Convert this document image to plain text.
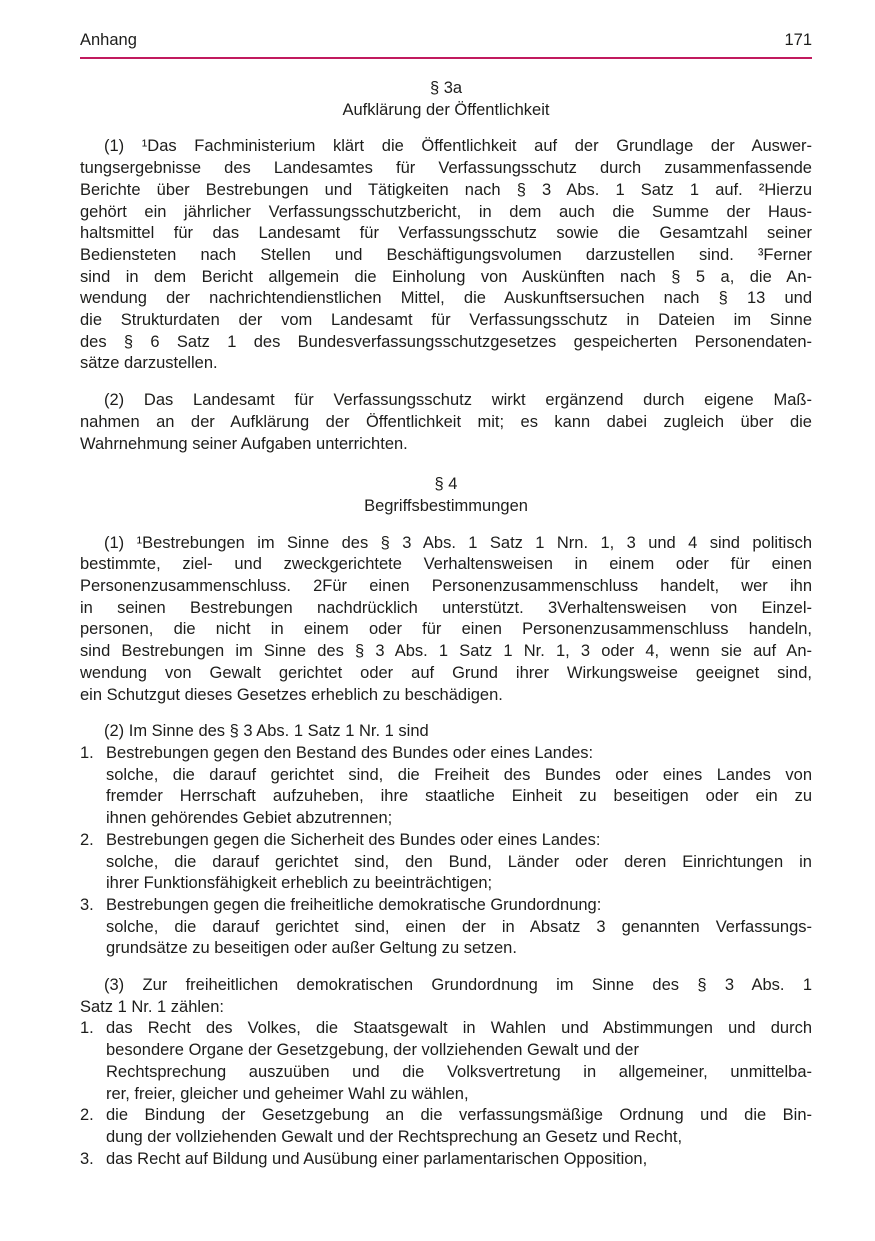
Anhang	171
§ 3a
Aufklärung der Öffentlichkeit
(1) ¹Das Fachministerium klärt die Öffentlichkeit auf der Grundlage der Auswer-
tungsergebnisse des Landesamtes für Verfassungsschutz durch zusammenfassende
Berichte über Bestrebungen und Tätigkeiten nach § 3 Abs. 1 Satz 1 auf. ²Hierzu
gehört ein jährlicher Verfassungsschutzbericht, in dem auch die Summe der Haus-
haltsmittel für das Landesamt für Verfassungsschutz sowie die Gesamtzahl seiner
Bediensteten nach Stellen und Beschäftigungsvolumen darzustellen sind. ³Ferner
sind in dem Bericht allgemein die Einholung von Auskünften nach § 5 a, die An-
wendung der nachrichtendienstlichen Mittel, die Auskunftsersuchen nach § 13 und
die Strukturdaten der vom Landesamt für Verfassungsschutz in Dateien im Sinne
des § 6 Satz 1 des Bundesverfassungsschutzgesetzes gespeicherten Personendaten-
sätze darzustellen.
(2) Das Landesamt für Verfassungsschutz wirkt ergänzend durch eigene Maß-
nahmen an der Aufklärung der Öffentlichkeit mit; es kann dabei zugleich über die
Wahrnehmung seiner Aufgaben unterrichten.
§ 4
Begriffsbestimmungen
(1) ¹Bestrebungen im Sinne des § 3 Abs. 1 Satz 1 Nrn. 1, 3 und 4 sind politisch
bestimmte, ziel- und zweckgerichtete Verhaltensweisen in einem oder für einen
Personenzusammenschluss. 2Für einen Personenzusammenschluss handelt, wer ihn
in seinen Bestrebungen nachdrücklich unterstützt. 3Verhaltensweisen von Einzel-
personen, die nicht in einem oder für einen Personenzusammenschluss handeln,
sind Bestrebungen im Sinne des § 3 Abs. 1 Satz 1 Nr. 1, 3 oder 4, wenn sie auf An-
wendung von Gewalt gerichtet oder auf Grund ihrer Wirkungsweise geeignet sind,
ein Schutzgut dieses Gesetzes erheblich zu beschädigen.
(2) Im Sinne des § 3 Abs. 1 Satz 1 Nr. 1 sind
1. Bestrebungen gegen den Bestand des Bundes oder eines Landes:
solche, die darauf gerichtet sind, die Freiheit des Bundes oder eines Landes von
fremder Herrschaft aufzuheben, ihre staatliche Einheit zu beseitigen oder ein zu
ihnen gehörendes Gebiet abzutrennen;
2. Bestrebungen gegen die Sicherheit des Bundes oder eines Landes:
solche, die darauf gerichtet sind, den Bund, Länder oder deren Einrichtungen in
ihrer Funktionsfähigkeit erheblich zu beeinträchtigen;
3. Bestrebungen gegen die freiheitliche demokratische Grundordnung:
solche, die darauf gerichtet sind, einen der in Absatz 3 genannten Verfassungs-
grundsätze zu beseitigen oder außer Geltung zu setzen.
(3) Zur freiheitlichen demokratischen Grundordnung im Sinne des § 3 Abs. 1
Satz 1 Nr. 1 zählen:
1. das Recht des Volkes, die Staatsgewalt in Wahlen und Abstimmungen und durch
besondere Organe der Gesetzgebung, der vollziehenden Gewalt und der
Rechtsprechung auszuüben und die Volksvertretung in allgemeiner, unmittelba-
rer, freier, gleicher und geheimer Wahl zu wählen,
2. die Bindung der Gesetzgebung an die verfassungsmäßige Ordnung und die Bin-
dung der vollziehenden Gewalt und der Rechtsprechung an Gesetz und Recht,
3. das Recht auf Bildung und Ausübung einer parlamentarischen Opposition,
